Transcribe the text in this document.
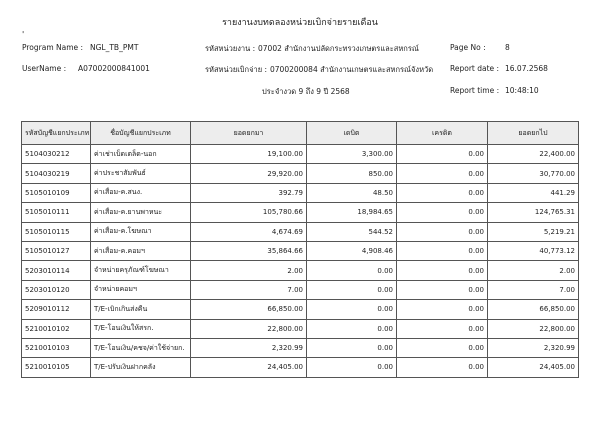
รายงานงบทดลองหน่วยเบิกจ่ายรายเดือน
'
Program Name : NGL_TB_PMT
UserName : A07002000841001
รหัสหน่วยงาน : 07002 สำนักงานปลัดกระทรวงเกษตรและสหกรณ์
รหัสหน่วยเบิกจ่าย : 0700200084 สำนักงานเกษตรและสหกรณ์จังหวัด
ประจำงวด 9 ถึง 9 ปี 2568
Page No :	8
Report date : 16.07.2568
Report time : 10:48:10
รหัสบัญชีแยกประเภท	ชื่อบัญชีแยกประเภท	ยอดยกมา	เดบิต	เครดิต	ยอดยกไป
5104030212	ค่าเช่าเบ็ดเตล็ด-นอก	19,100.00	3,300.00	0.00	22,400.00
5104030219	ค่าประชาสัมพันธ์	29,920.00	850.00	0.00	30,770.00
5105010109	ค่าเสื่อม-ค.สนง.	392.79	48.50	0.00	441.29
5105010111	ค่าเสื่อม-ค.ยานพาหนะ	105,780.66	18,984.65	0.00	124,765.31
5105010115	ค่าเสื่อม-ค.โฆษณา	4,674.69	544.52	0.00	5,219.21
5105010127	ค่าเสื่อม-ค.คอมฯ	35,864.66	4,908.46	0.00	40,773.12
5203010114	จำหน่ายครุภัณฑ์โฆษณา	2.00	0.00	0.00	2.00
5203010120	จำหน่ายคอมฯ	7.00	0.00	0.00	7.00
5209010112	T/E-เบิกเกินส่งคืน	66,850.00	0.00	0.00	66,850.00
5210010102	T/E-โอนเงินให้สรก.	22,800.00	0.00	0.00	22,800.00
5210010103	T/E-โอนเงิน/คชจ/ค่าใช้จ่ายก.	2,320.99	0.00	0.00	2,320.99
5210010105	T/E-ปรับเงินฝากคลัง	24,405.00	0.00	0.00	24,405.00
